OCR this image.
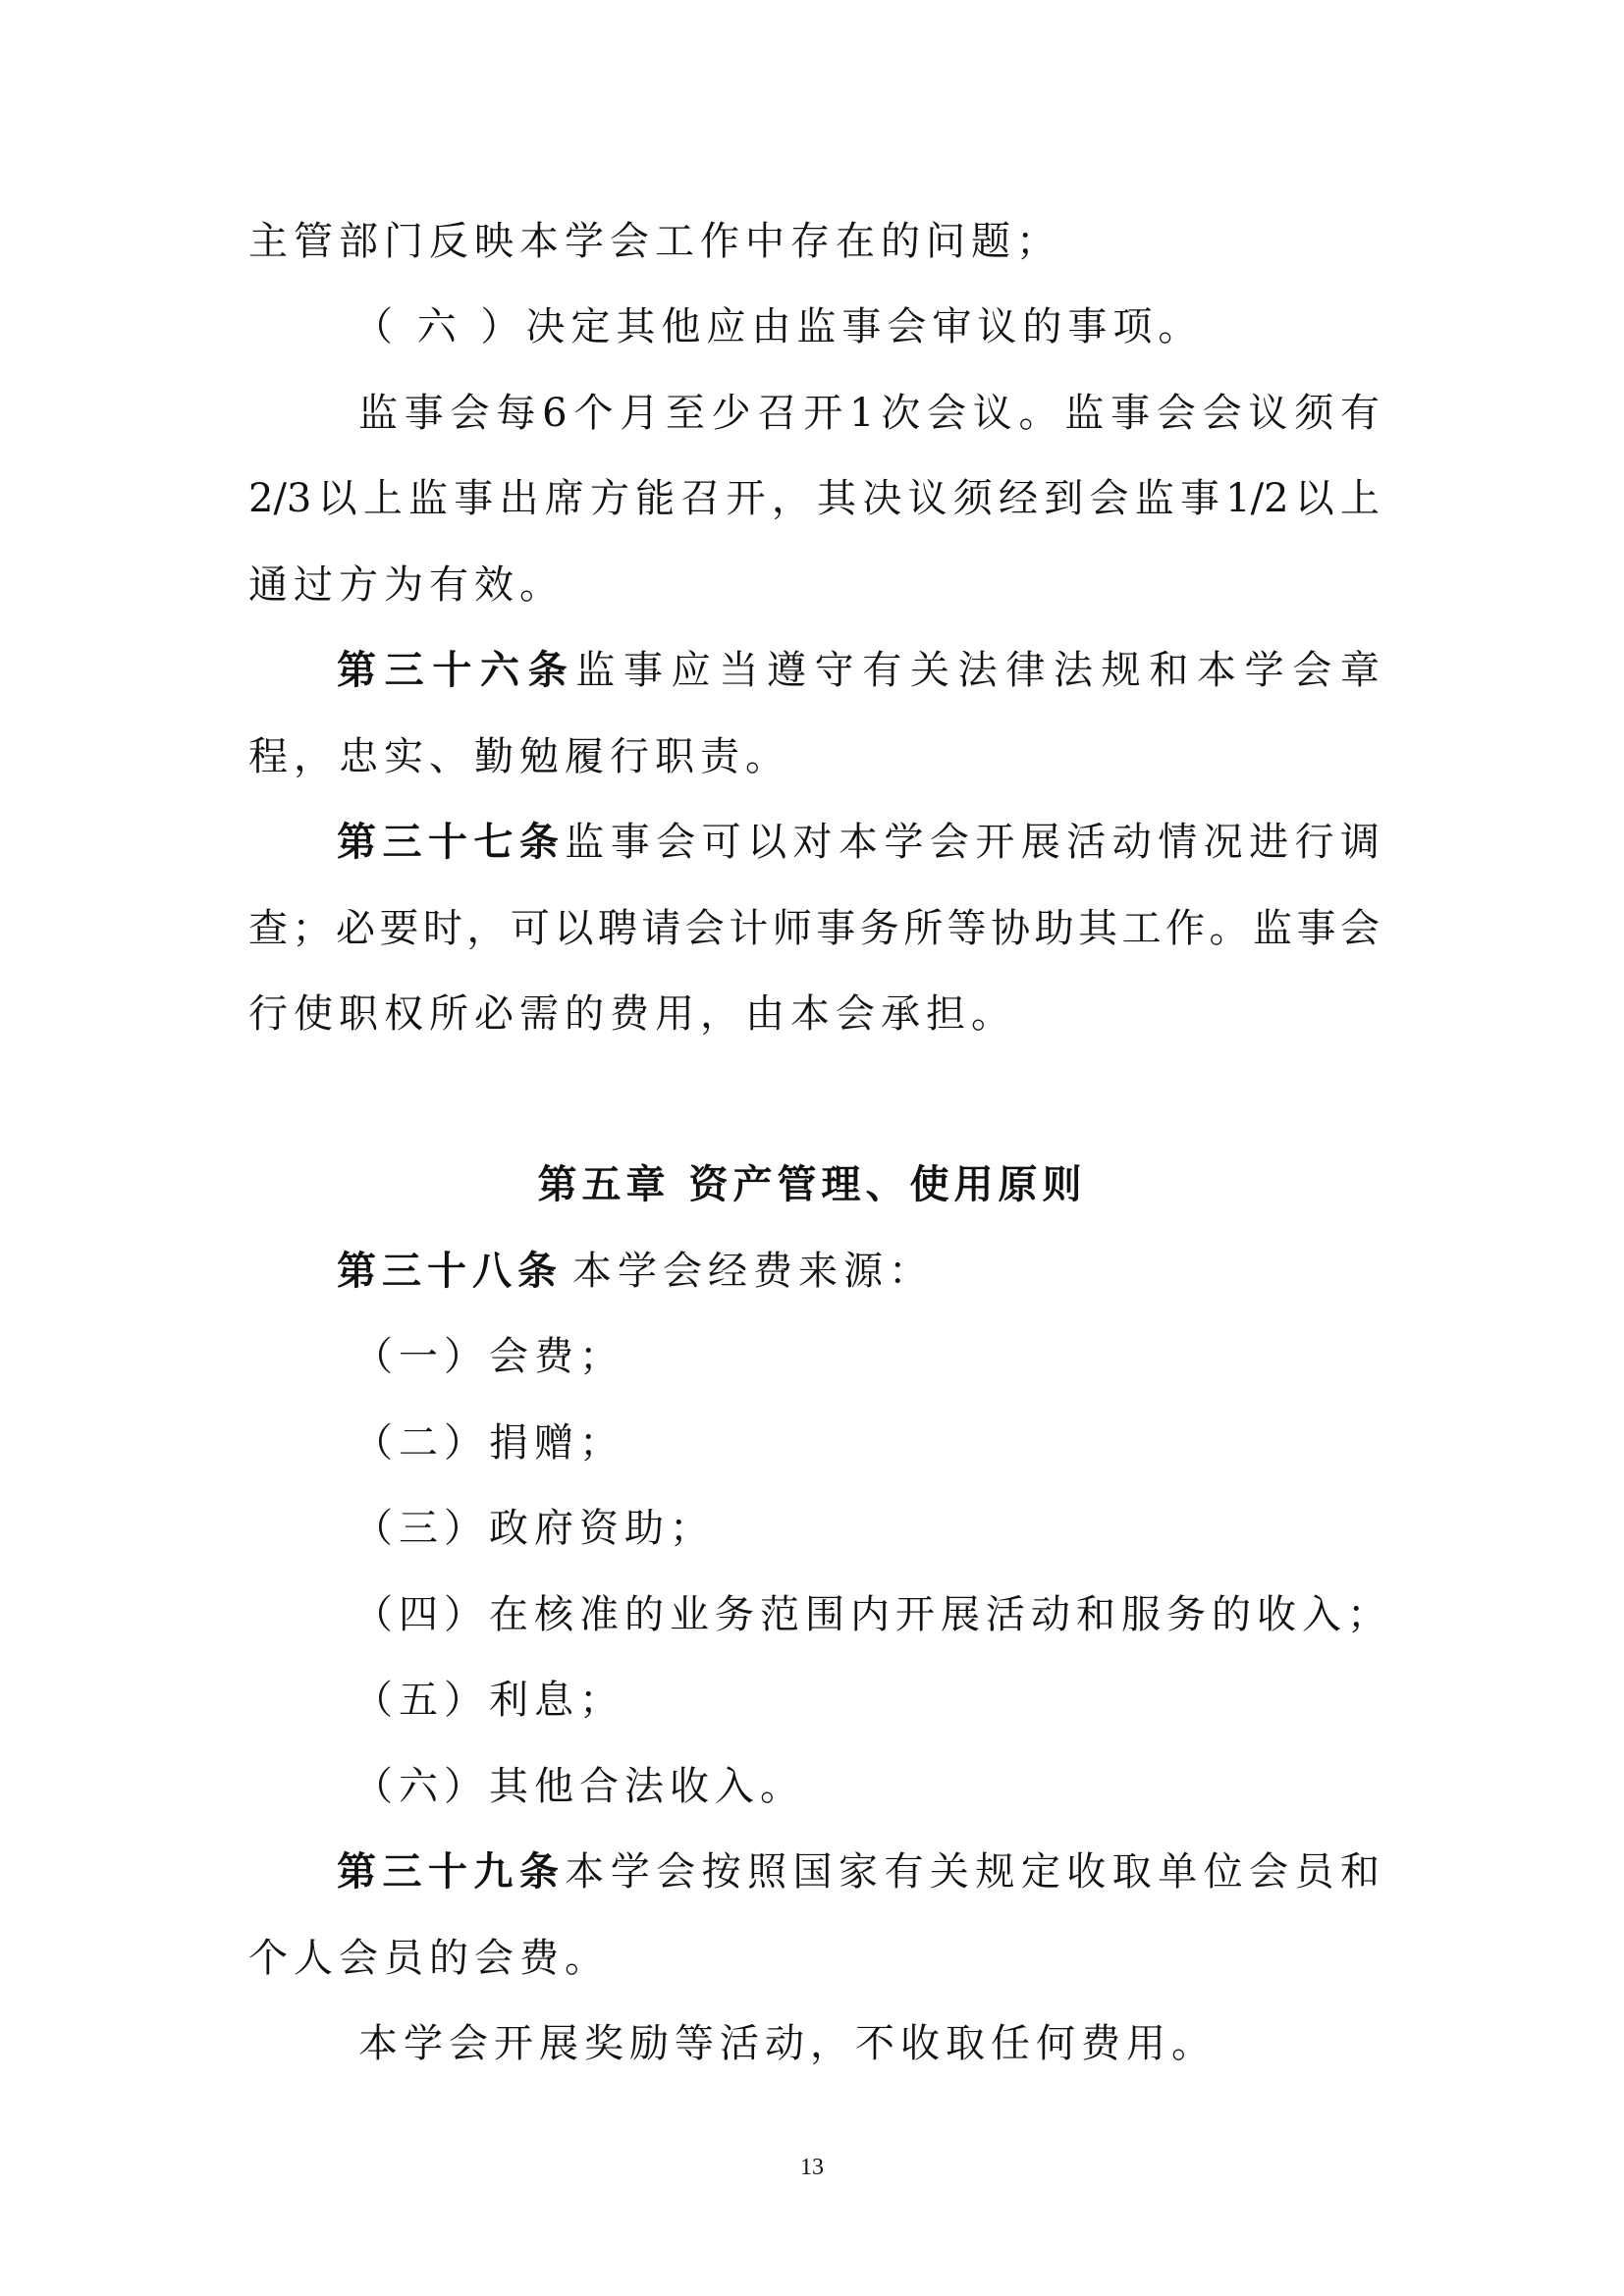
主管部门反映本学会工作中存在的问题；
（ 六 ）决定其他应由监事会审议的事项。
监事会每6个月至少召开1次会议。监事会会议须有
2/3以上监事出席方能召开，其决议须经到会监事1/2以上
通过方为有效。
第三十六条监事应当遵守有关法律法规和本学会章
程，忠实、勤勉履行职责。
第三十七条监事会可以对本学会开展活动情况进行调
查；必要时，可以聘请会计师事务所等协助其工作。监事会
行使职权所必需的费用，由本会承担。
第五章 资产管理、使用原则
第三十八条 本学会经费来源：
（一）会费；
（二）捐赠；
（三）政府资助；
（四）在核准的业务范围内开展活动和服务的收入；
（五）利息；
（六）其他合法收入。
第三十九条本学会按照国家有关规定收取单位会员和
个人会员的会费。
本学会开展奖励等活动，不收取任何费用。
13
